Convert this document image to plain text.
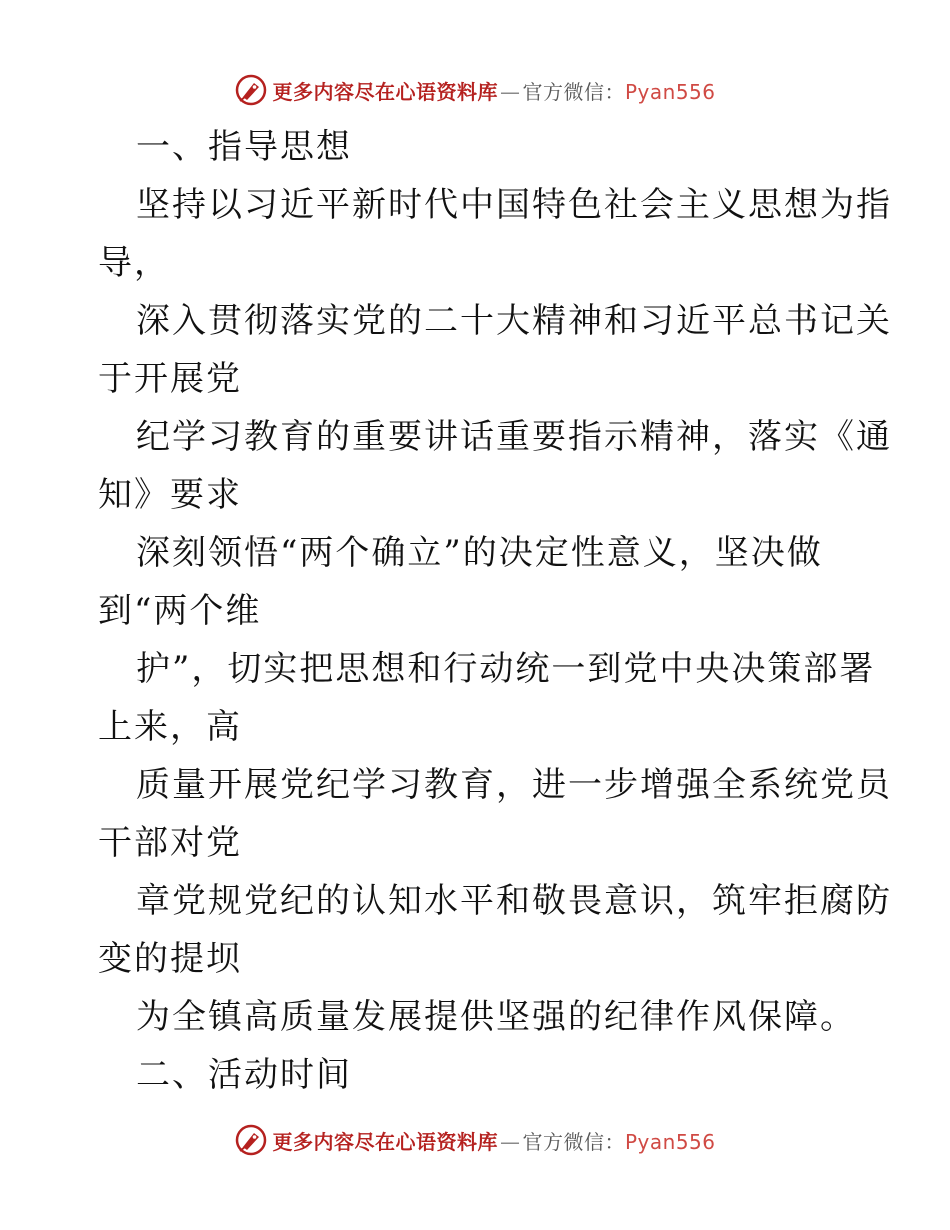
更多内容尽在心语资料库 — 官方微信：Pyan556
一、指导思想
坚持以习近平新时代中国特色社会主义思想为指
导，
深入贯彻落实党的二十大精神和习近平总书记关
于开展党
纪学习教育的重要讲话重要指示精神，落实《通
知》要求
深刻领悟“两个确立”的决定性意义，坚决做
到“两个维
护”，切实把思想和行动统一到党中央决策部署
上来，高
质量开展党纪学习教育，进一步增强全系统党员
干部对党
章党规党纪的认知水平和敬畏意识，筑牢拒腐防
变的提坝
为全镇高质量发展提供坚强的纪律作风保障。
二、活动时间
更多内容尽在心语资料库 — 官方微信：Pyan556
